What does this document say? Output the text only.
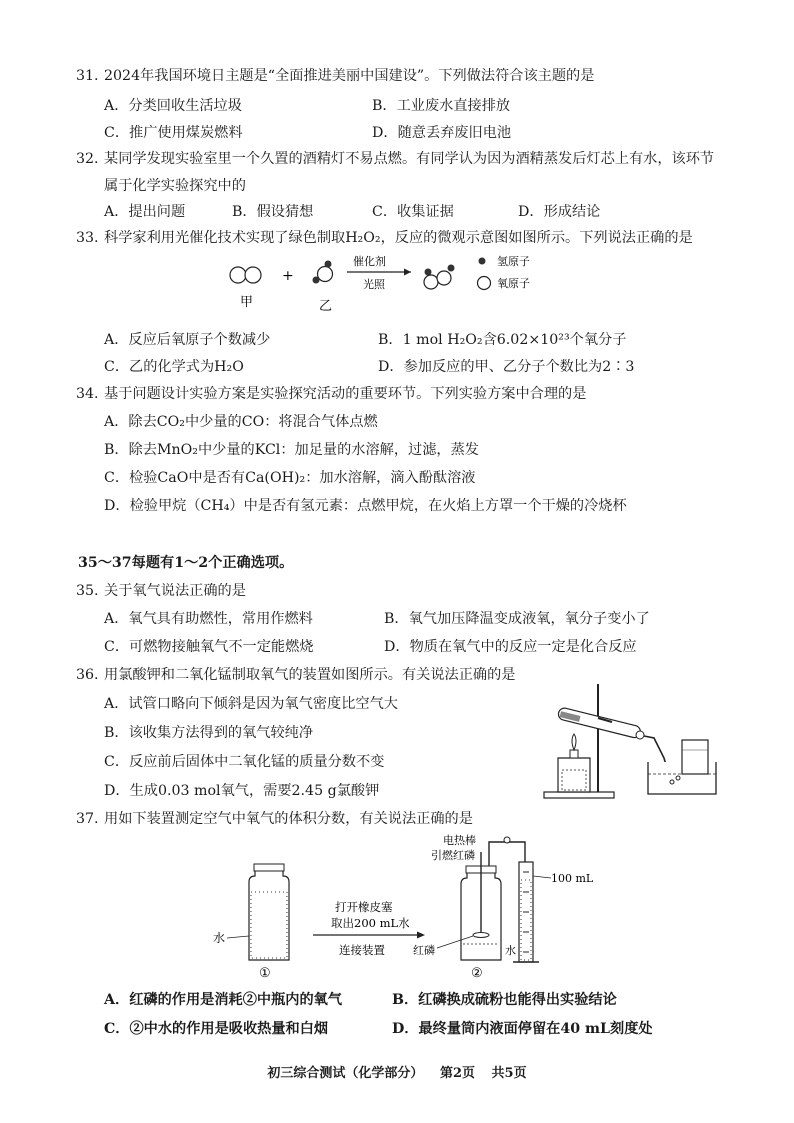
31. 2024年我国环境日主题是“全面推进美丽中国建设”。下列做法符合该主题的是
A．分类回收生活垃圾	B．工业废水直接排放
C．推广使用煤炭燃料	D．随意丢弃废旧电池
32. 某同学发现实验室里一个久置的酒精灯不易点燃。有同学认为因为酒精蒸发后灯芯上有水，该环节
属于化学实验探究中的
A．提出问题	B．假设猜想	C．收集证据	D．形成结论
33. 科学家利用光催化技术实现了绿色制取H₂O₂，反应的微观示意图如图所示。下列说法正确的是
甲
+
乙
催化剂
光照
氢原子
氧原子
A．反应后氧原子个数减少	B．1 mol H₂O₂含6.02×10²³个氧分子
C．乙的化学式为H₂O	D．参加反应的甲、乙分子个数比为2∶3
34. 基于问题设计实验方案是实验探究活动的重要环节。下列实验方案中合理的是
A．除去CO₂中少量的CO：将混合气体点燃
B．除去MnO₂中少量的KCl：加足量的水溶解，过滤，蒸发
C．检验CaO中是否有Ca(OH)₂：加水溶解，滴入酚酞溶液
D．检验甲烷（CH₄）中是否有氢元素：点燃甲烷，在火焰上方罩一个干燥的冷烧杯
35～37每题有1～2个正确选项。
35. 关于氧气说法正确的是
A．氧气具有助燃性，常用作燃料	B．氧气加压降温变成液氧，氧分子变小了
C．可燃物接触氧气不一定能燃烧	D．物质在氧气中的反应一定是化合反应
36. 用氯酸钾和二氧化锰制取氧气的装置如图所示。有关说法正确的是
A．试管口略向下倾斜是因为氧气密度比空气大
B．该收集方法得到的氧气较纯净
C．反应前后固体中二氧化锰的质量分数不变
D．生成0.03 mol氧气，需要2.45 g氯酸钾
37. 用如下装置测定空气中氧气的体积分数，有关说法正确的是
水
①
打开橡皮塞
取出200 mL水
连接装置
电热棒
引燃红磷
红磷	水
②
100 mL
A．红磷的作用是消耗②中瓶内的氧气	B．红磷换成硫粉也能得出实验结论
C．②中水的作用是吸收热量和白烟	D．最终量筒内液面停留在40 mL刻度处
初三综合测试（化学部分） 第2页 共5页
